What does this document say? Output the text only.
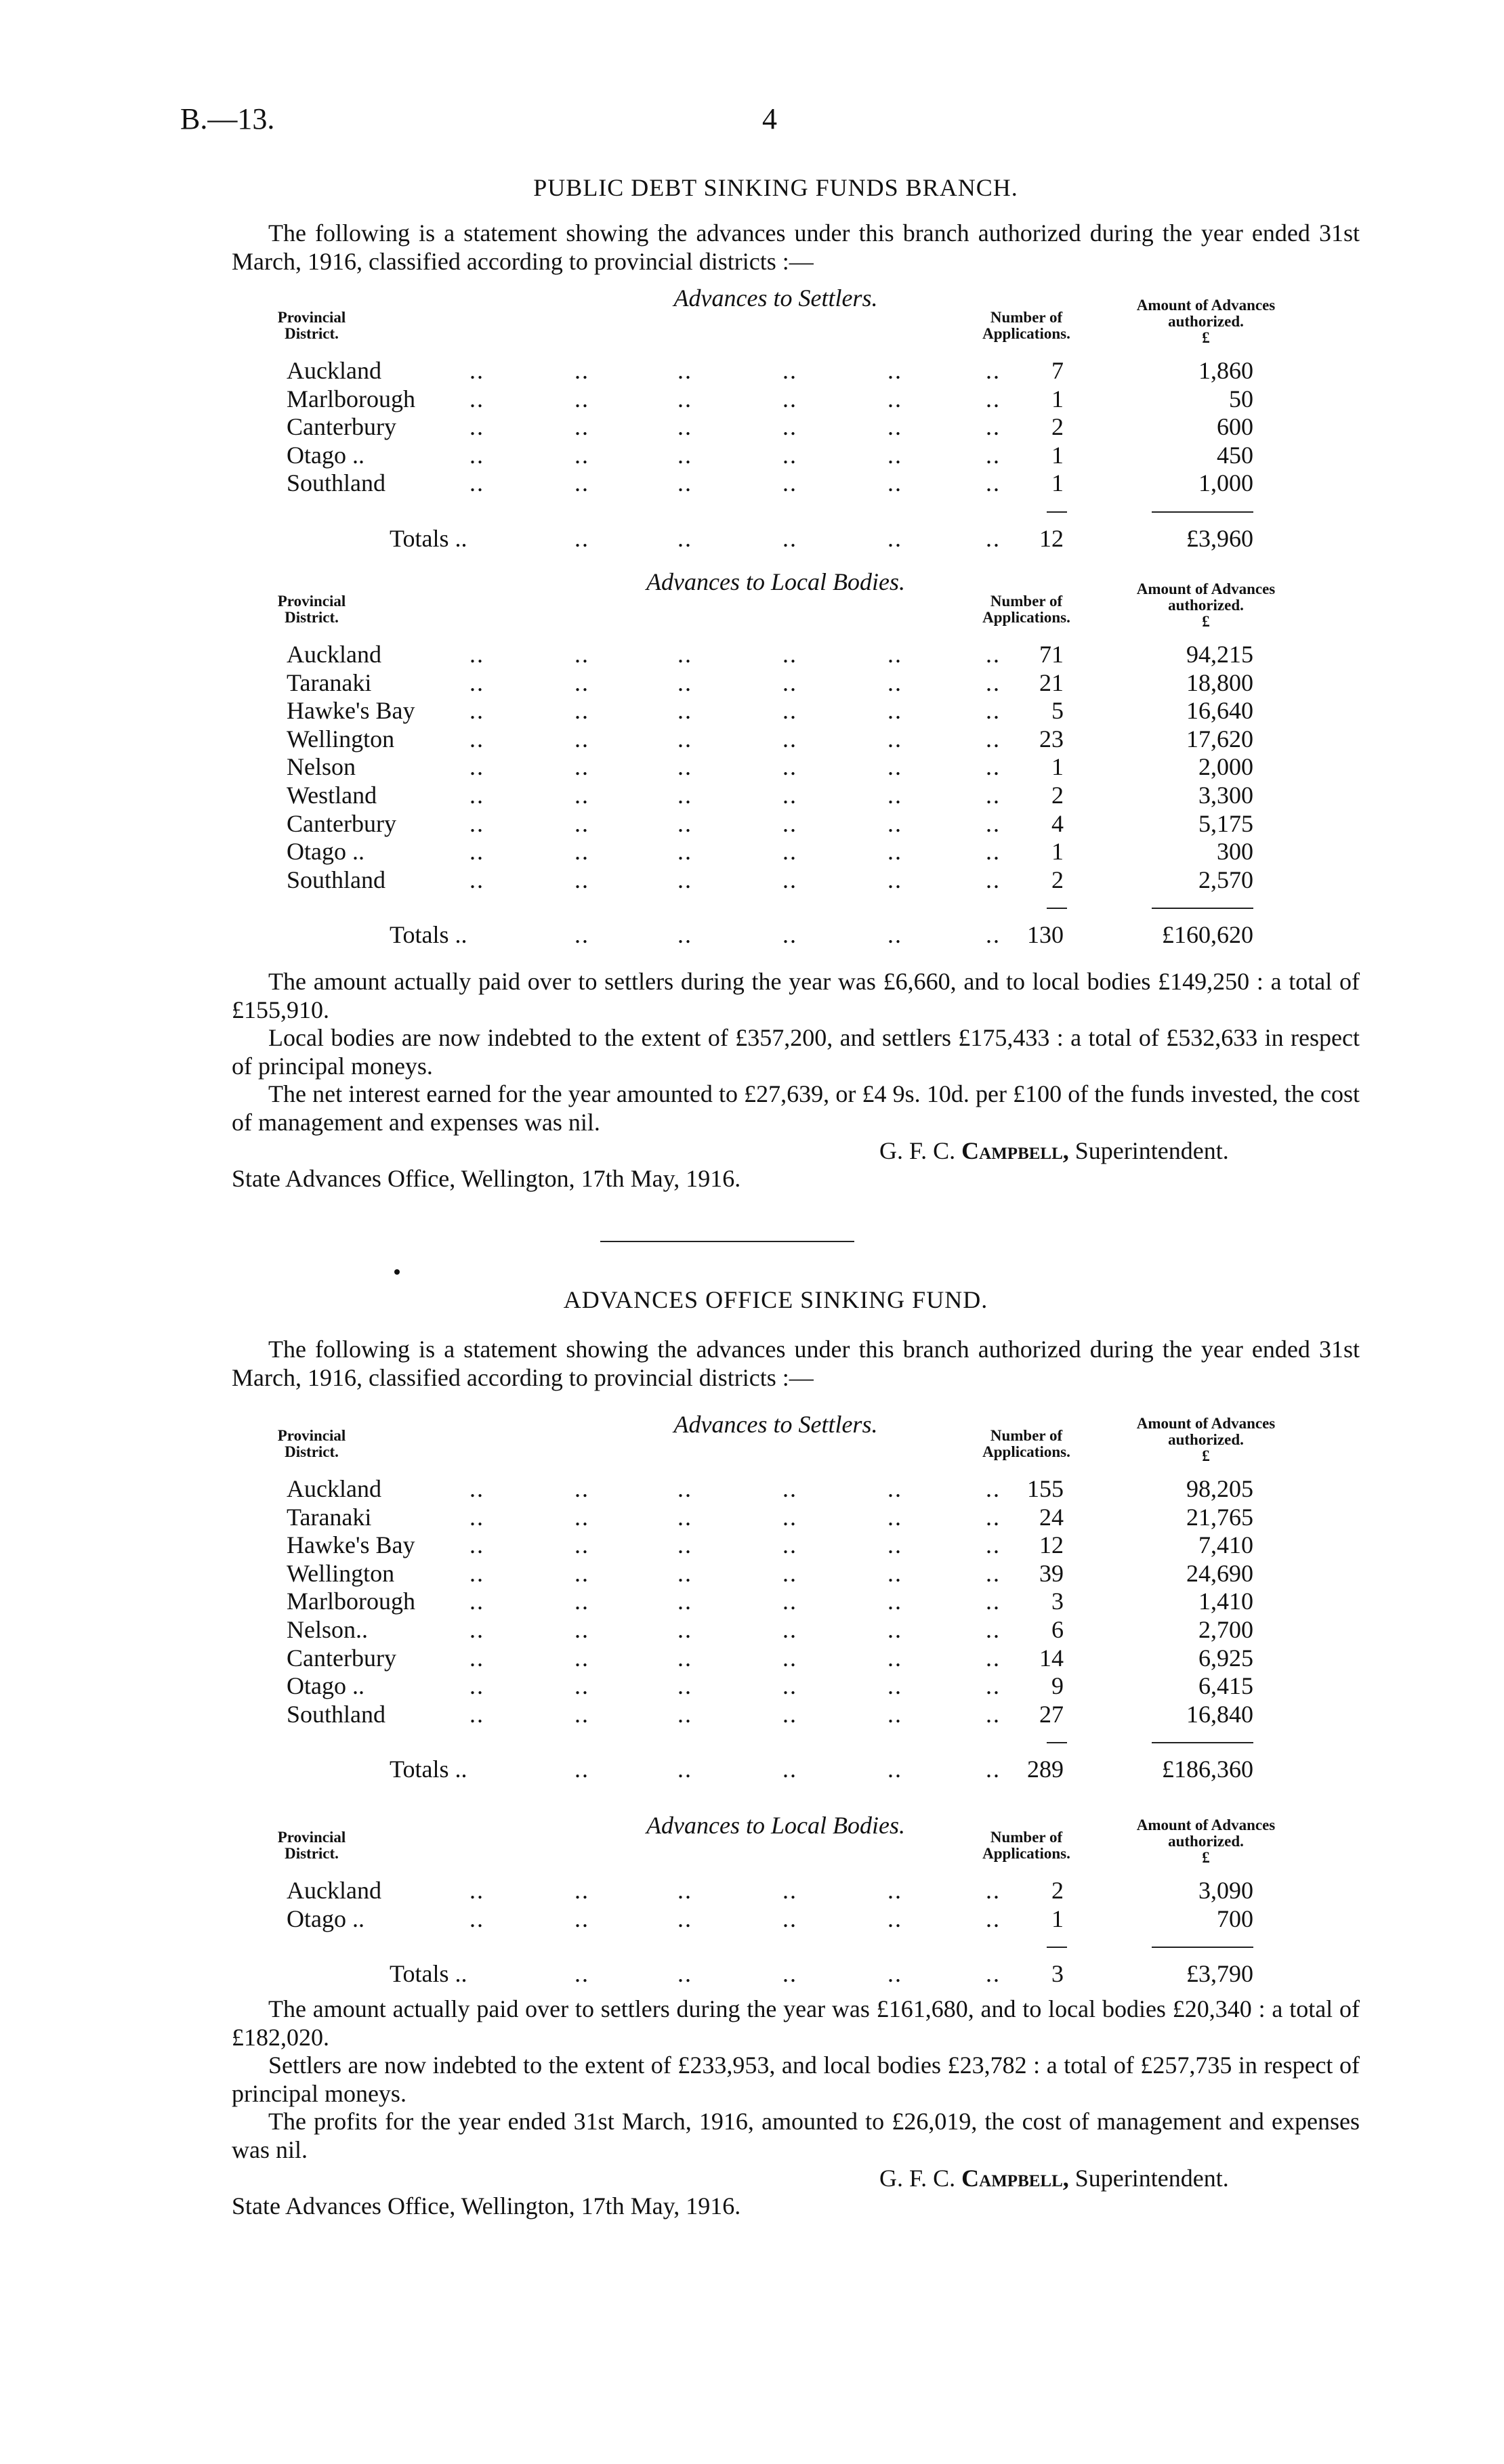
B.—13.	4
PUBLIC DEBT SINKING FUNDS BRANCH.

The following is a statement showing the advances under this branch authorized during the year ended 31st March, 1916, classified according to provincial districts :—

Advances to Settlers.
Provincial
District.
Number of
Applications.
Amount of Advances
authorized.
£
Auckland	..	..	..	..	..	..	7	1,860
Marlborough ..	..	..	..	..	..	1	50
Canterbury	..	..	..	..	..	..	2	600
Otago ..	..	..	..	..	..	..	1	450
Southland	..	..	..	..	..	..	1	1,000
Totals ..	..	..	..	..	..	12	£3,960
Advances to Local Bodies.
Provincial
District.
Number of
Applications.
Amount of Advances
authorized.
£
Auckland	..	..	..	..	..	..	71	94,215
Taranaki	..	..	..	..	..	..	21	18,800
Hawke's Bay ..	..	..	..	..	..	5	16,640
Wellington	..	..	..	..	..	..	23	17,620
Nelson	..	..	..	..	..	..	1	2,000
Westland	..	..	..	..	..	..	2	3,300
Canterbury	..	..	..	..	..	..	4	5,175
Otago ..	..	..	..	..	..	..	1	300
Southland	..	..	..	..	..	..	2	2,570
Totals ..	..	..	..	..	..	130	£160,620

The amount actually paid over to settlers during the year was £6,660, and to local bodies £149,250 : a total of £155,910.

Local bodies are now indebted to the extent of £357,200, and settlers £175,433 : a total of £532,633 in respect of principal moneys.

The net interest earned for the year amounted to £27,639, or £4 9s. 10d. per £100 of the funds invested, the cost of management and expenses was nil.

G. F. C. Campbell, Superintendent.

State Advances Office, Wellington, 17th May, 1916.

ADVANCES OFFICE SINKING FUND.

The following is a statement showing the advances under this branch authorized during the year ended 31st March, 1916, classified according to provincial districts :—

Advances to Settlers.
Provincial
District.
Number of
Applications.
Amount of Advances
authorized.
£
Auckland	..	..	..	..	..	..	155	98,205
Taranaki	..	..	..	..	..	..	24	21,765
Hawke's Bay ..	..	..	..	..	..	12	7,410
Wellington	..	..	..	..	..	..	39	24,690
Marlborough ..	..	..	..	..	..	3	1,410
Nelson..	..	..	..	..	..	..	6	2,700
Canterbury	..	..	..	..	..	..	14	6,925
Otago ..	..	..	..	..	..	..	9	6,415
Southland	..	..	..	..	..	..	27	16,840
Totals ..	..	..	..	..	..	289	£186,360
Advances to Local Bodies.
Provincial
District.
Number of
Applications.
Amount of Advances
authorized.
£
Auckland	..	..	..	..	..	..	2	3,090
Otago ..	..	..	..	..	..	..	1	700
Totals ..	..	..	..	..	..	3	£3,790

The amount actually paid over to settlers during the year was £161,680, and to local bodies £20,340 : a total of £182,020.

Settlers are now indebted to the extent of £233,953, and local bodies £23,782 : a total of £257,735 in respect of principal moneys.

The profits for the year ended 31st March, 1916, amounted to £26,019, the cost of management and expenses was nil.

G. F. C. Campbell, Superintendent.

State Advances Office, Wellington, 17th May, 1916.
